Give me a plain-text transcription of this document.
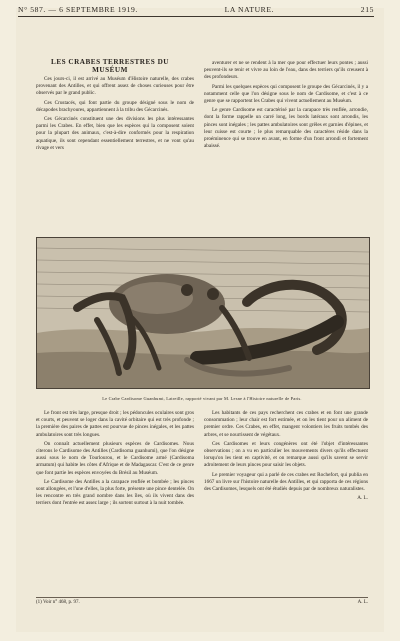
N° 587. — 6 SEPTEMBRE 1919.	LA NATURE.	215
LES CRABES TERRESTRES DU MUSÉUM

Ces jours-ci, il est arrivé au Muséum d'Histoire naturelle, des crabes provenant des Antilles, et qui offrent assez de choses curieuses pour être observés par le grand public.

Ces Crustacés, qui font partie du groupe désigné sous le nom de décapodes brachyoures, appartiennent à la tribu des Gécarcinés.

Ces Gécarcinés constituent une des divisions les plus intéressantes parmi les Crabes. En effet, bien que les espèces qui la composent soient pour la plupart des animaux, c'est-à-dire conformés pour la respiration aquatique, ils sont cependant essentiellement terrestres, et ne vont qu'au rivage et vers

aventurer et ne se rendent à la mer que pour effectuer leurs pontes ; aussi peuvent-ils se tenir et vivre au loin de l'eau, dans des terriers qu'ils creusent à des profondeurs.

Parmi les quelques espèces qui composent le groupe des Gécarcinés, il y a notamment celle que l'on désigne sous le nom de Cardisome, et c'est à ce genre que se rapportent les Crabes qui vivent actuellement au Muséum.

Le genre Cardisome est caractérisé par la carapace très renflée, arrondie, dont la forme rappelle un carré long, les bords latéraux sont arrondis, les pinces sont inégales ; les pattes ambulatoires sont grêles et garnies d'épines, et leur cuisse est courte ; le plus remarquable des caractères réside dans la proéminence qui se trouve en avant, en forme d'un front arrondi et fortement abaissé.

Le Crabe Cardisome Guanhumi, Latreille, rapporté vivant par M. Lesne à l'Histoire naturelle de Paris.

Le front est très large, presque droit ; les pédoncules oculaires sont gros et courts, et peuvent se loger dans la cavité orbitaire qui est très profonde ; la première des paires de pattes est pourvue de pinces inégales, et les pattes ambulatoires sont très longues.

On connaît actuellement plusieurs espèces de Cardisomes. Nous citerons le Cardisome des Antilles (Cardisoma guanhumi), que l'on désigne aussi sous le nom de Tourlourou, et le Cardisome armé (Cardisoma armatum) qui habite les côtes d'Afrique et de Madagascar. C'est de ce genre que font partie les espèces envoyées du Brésil au Muséum.

Le Cardisome des Antilles a la carapace renflée et bombée ; les pinces sont allongées, et l'une d'elles, la plus forte, présente une pince dentelée. On les rencontre en très grand nombre dans les îles, où ils vivent dans des terriers dont l'entrée est assez large ; ils sortent surtout à la nuit tombée.

Les habitants de ces pays recherchent ces crabes et en font une grande consommation ; leur chair est fort estimée, et on les tient pour un aliment de premier ordre. Ces Crabes, en effet, mangent volontiers les fruits tombés des arbres, et se nourrissent de végétaux.

Ces Cardisomes et leurs congénères ont été l'objet d'intéressantes observations ; on a vu en particulier les mouvements divers qu'ils effectuent lorsqu'on les tient en captivité, et on remarque aussi qu'ils savent se servir adroitement de leurs pinces pour saisir les objets.

Le premier voyageur qui a parlé de ces crabes est Rochefort, qui publia en 1667 un livre sur l'histoire naturelle des Antilles, et qui rapporta de ces régions des Cardisomes, lesquels ont été étudiés depuis par de nombreux naturalistes.

A. L.
(1) Voir n° 468, p. 97.	A. L.
